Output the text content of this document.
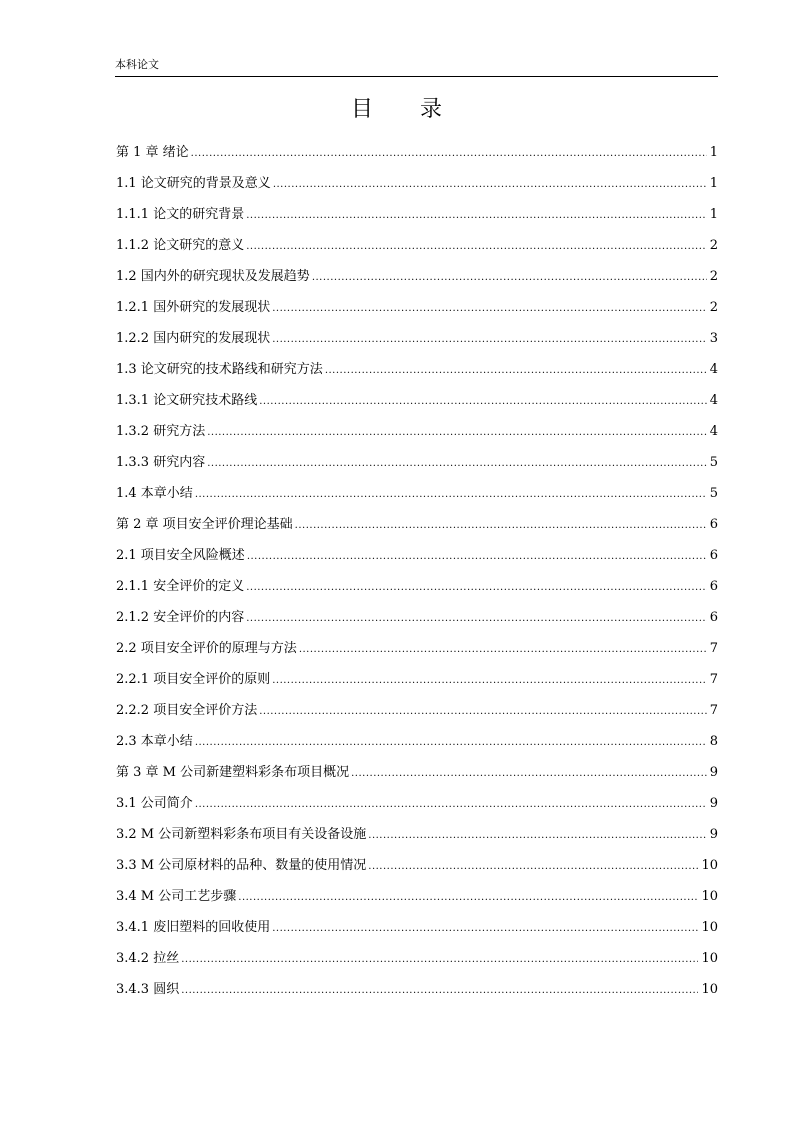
本科论文
目 录
第 1 章 绪论 .....	1
1.1 论文研究的背景及意义 .....	1
1.1.1 论文的研究背景 .....	1
1.1.2 论文研究的意义 .....	2
1.2 国内外的研究现状及发展趋势 .....	2
1.2.1 国外研究的发展现状 .....	2
1.2.2 国内研究的发展现状 .....	3
1.3 论文研究的技术路线和研究方法 .....	4
1.3.1 论文研究技术路线 .....	4
1.3.2 研究方法 .....	4
1.3.3 研究内容 .....	5
1.4 本章小结 .....	5
第 2 章 项目安全评价理论基础 .....	6
2.1 项目安全风险概述 .....	6
2.1.1 安全评价的定义 .....	6
2.1.2 安全评价的内容 .....	6
2.2 项目安全评价的原理与方法 .....	7
2.2.1 项目安全评价的原则 .....	7
2.2.2 项目安全评价方法 .....	7
2.3 本章小结 .....	8
第 3 章 M 公司新建塑料彩条布项目概况 .....	9
3.1 公司简介 .....	9
3.2 M 公司新塑料彩条布项目有关设备设施 .....	9
3.3 M 公司原材料的品种、数量的使用情况 .....	10
3.4 M 公司工艺步骤 .....	10
3.4.1 废旧塑料的回收使用 .....	10
3.4.2 拉丝 .....	10
3.4.3 圆织 .....	10
